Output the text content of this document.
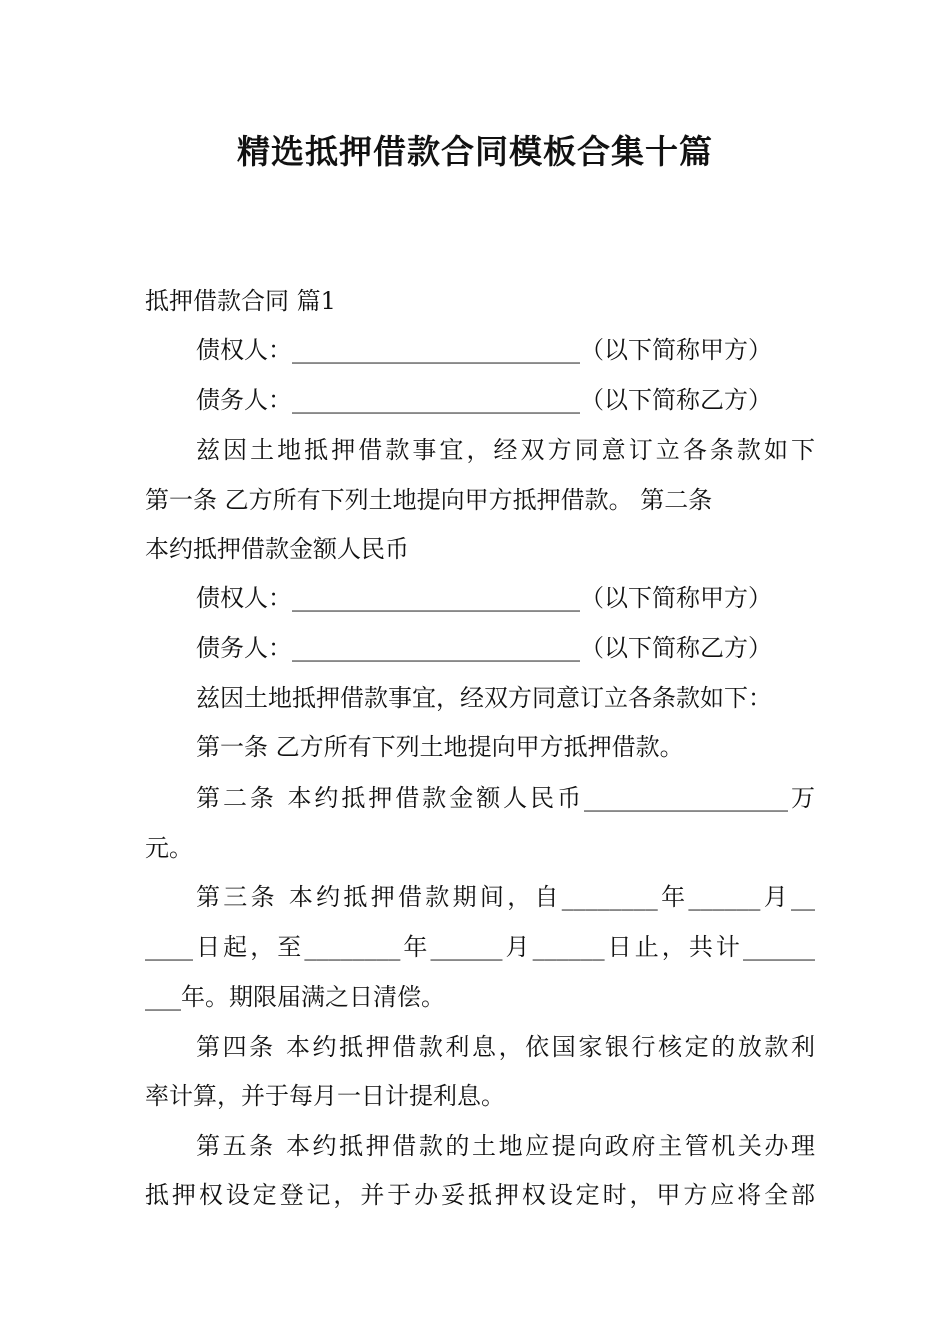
精选抵押借款合同模板合集十篇
抵押借款合同 篇1
债权人：________________________（以下简称甲方）
债务人：________________________（以下简称乙方）
兹因土地抵押借款事宜，经双方同意订立各条款如下
第一条 乙方所有下列土地提向甲方抵押借款。 第二条
本约抵押借款金额人民币
债权人：________________________（以下简称甲方）
债务人：________________________（以下简称乙方）
兹因土地抵押借款事宜，经双方同意订立各条款如下：
第一条 乙方所有下列土地提向甲方抵押借款。
第二条 本约抵押借款金额人民币_________________万
元。
第三条 本约抵押借款期间，自________年______月__
____日起，至________年______月______日止，共计______
___年。期限届满之日清偿。
第四条 本约抵押借款利息，依国家银行核定的放款利
率计算，并于每月一日计提利息。
第五条 本约抵押借款的土地应提向政府主管机关办理
抵押权设定登记，并于办妥抵押权设定时，甲方应将全部
